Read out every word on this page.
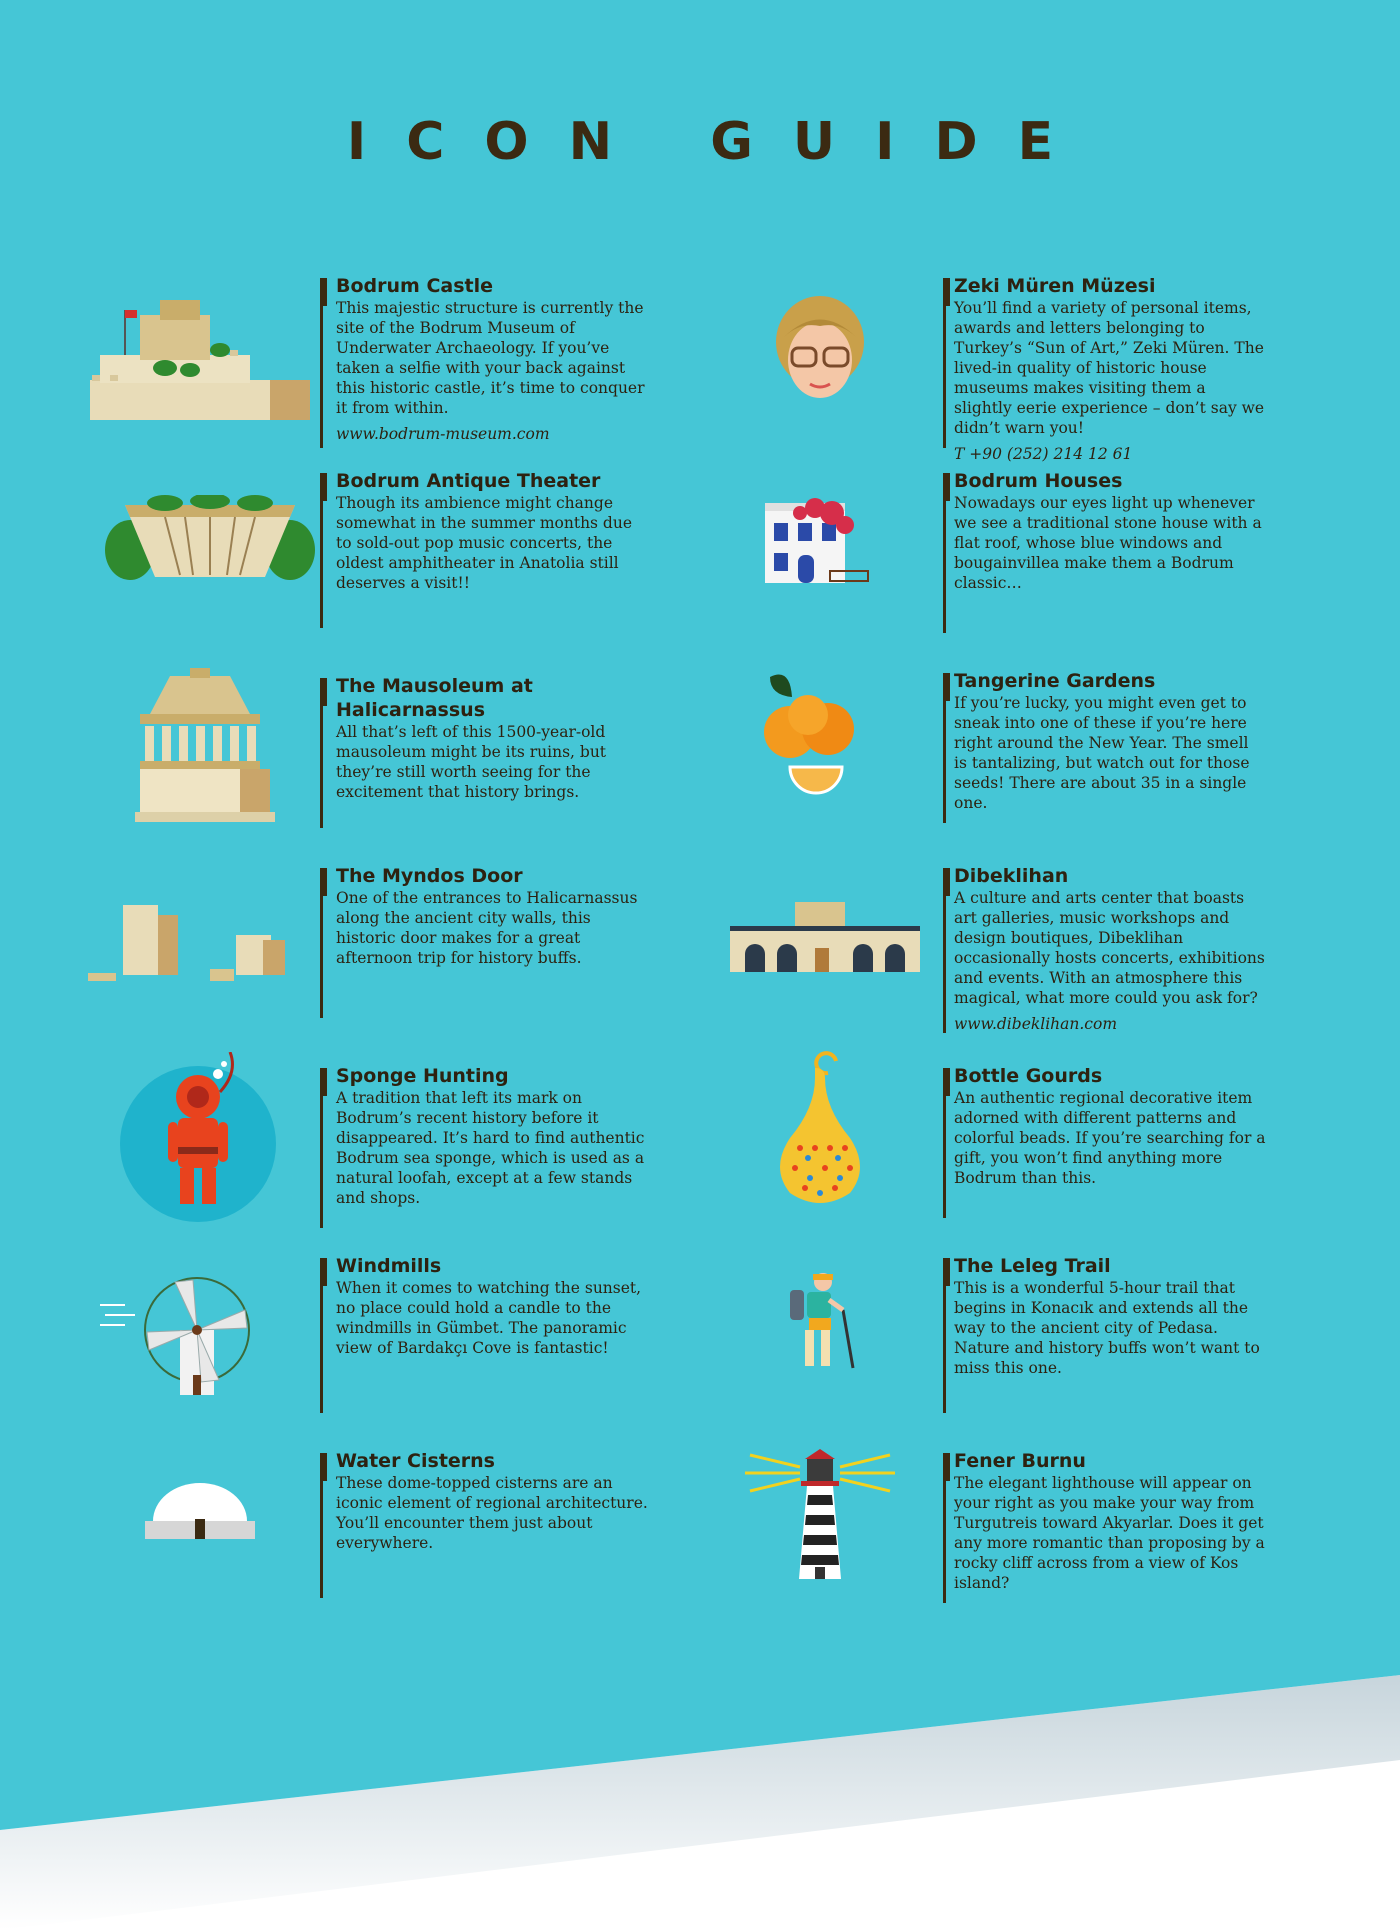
ICON GUIDE
Bodrum Castle
This majestic structure is currently the site of the Bodrum Museum of Underwater Archaeology. If you’ve taken a selfie with your back against this historic castle, it’s time to conquer it from within.
www.bodrum-museum.com
Zeki Müren Müzesi
You’ll find a variety of personal items, awards and letters belonging to Turkey’s “Sun of Art,” Zeki Müren. The lived-in quality of historic house museums makes visiting them a slightly eerie experience – don’t say we didn’t warn you!
T +90 (252) 214 12 61
Bodrum Antique Theater
Though its ambience might change somewhat in the summer months due to sold-out pop music concerts, the oldest amphitheater in Anatolia still deserves a visit!!
Bodrum Houses
Nowadays our eyes light up whenever we see a traditional stone house with a flat roof, whose blue windows and bougainvillea make them a Bodrum classic…
The Mausoleum at Halicarnassus
All that’s left of this 1500-year-old mausoleum might be its ruins, but they’re still worth seeing for the excitement that history brings.
Tangerine Gardens
If you’re lucky, you might even get to sneak into one of these if you’re here right around the New Year. The smell is tantalizing, but watch out for those seeds! There are about 35 in a single one.
The Myndos Door
One of the entrances to Halicarnassus along the ancient city walls, this historic door makes for a great afternoon trip for history buffs.
Dibeklihan
A culture and arts center that boasts art galleries, music workshops and design boutiques, Dibeklihan occasionally hosts concerts, exhibitions and events. With an atmosphere this magical, what more could you ask for?
www.dibeklihan.com
Sponge Hunting
A tradition that left its mark on Bodrum’s recent history before it disappeared. It’s hard to find authentic Bodrum sea sponge, which is used as a natural loofah, except at a few stands and shops.
Bottle Gourds
An authentic regional decorative item adorned with different patterns and colorful beads. If you’re searching for a gift, you won’t find anything more Bodrum than this.
Windmills
When it comes to watching the sunset, no place could hold a candle to the windmills in Gümbet. The panoramic view of Bardakçı Cove is fantastic!
The Leleg Trail
This is a wonderful 5-hour trail that begins in Konacık and extends all the way to the ancient city of Pedasa. Nature and history buffs won’t want to miss this one.
Water Cisterns
These dome-topped cisterns are an iconic element of regional architecture. You’ll encounter them just about everywhere.
Fener Burnu
The elegant lighthouse will appear on your right as you make your way from Turgutreis toward Akyarlar. Does it get any more romantic than proposing by a rocky cliff across from a view of Kos island?
